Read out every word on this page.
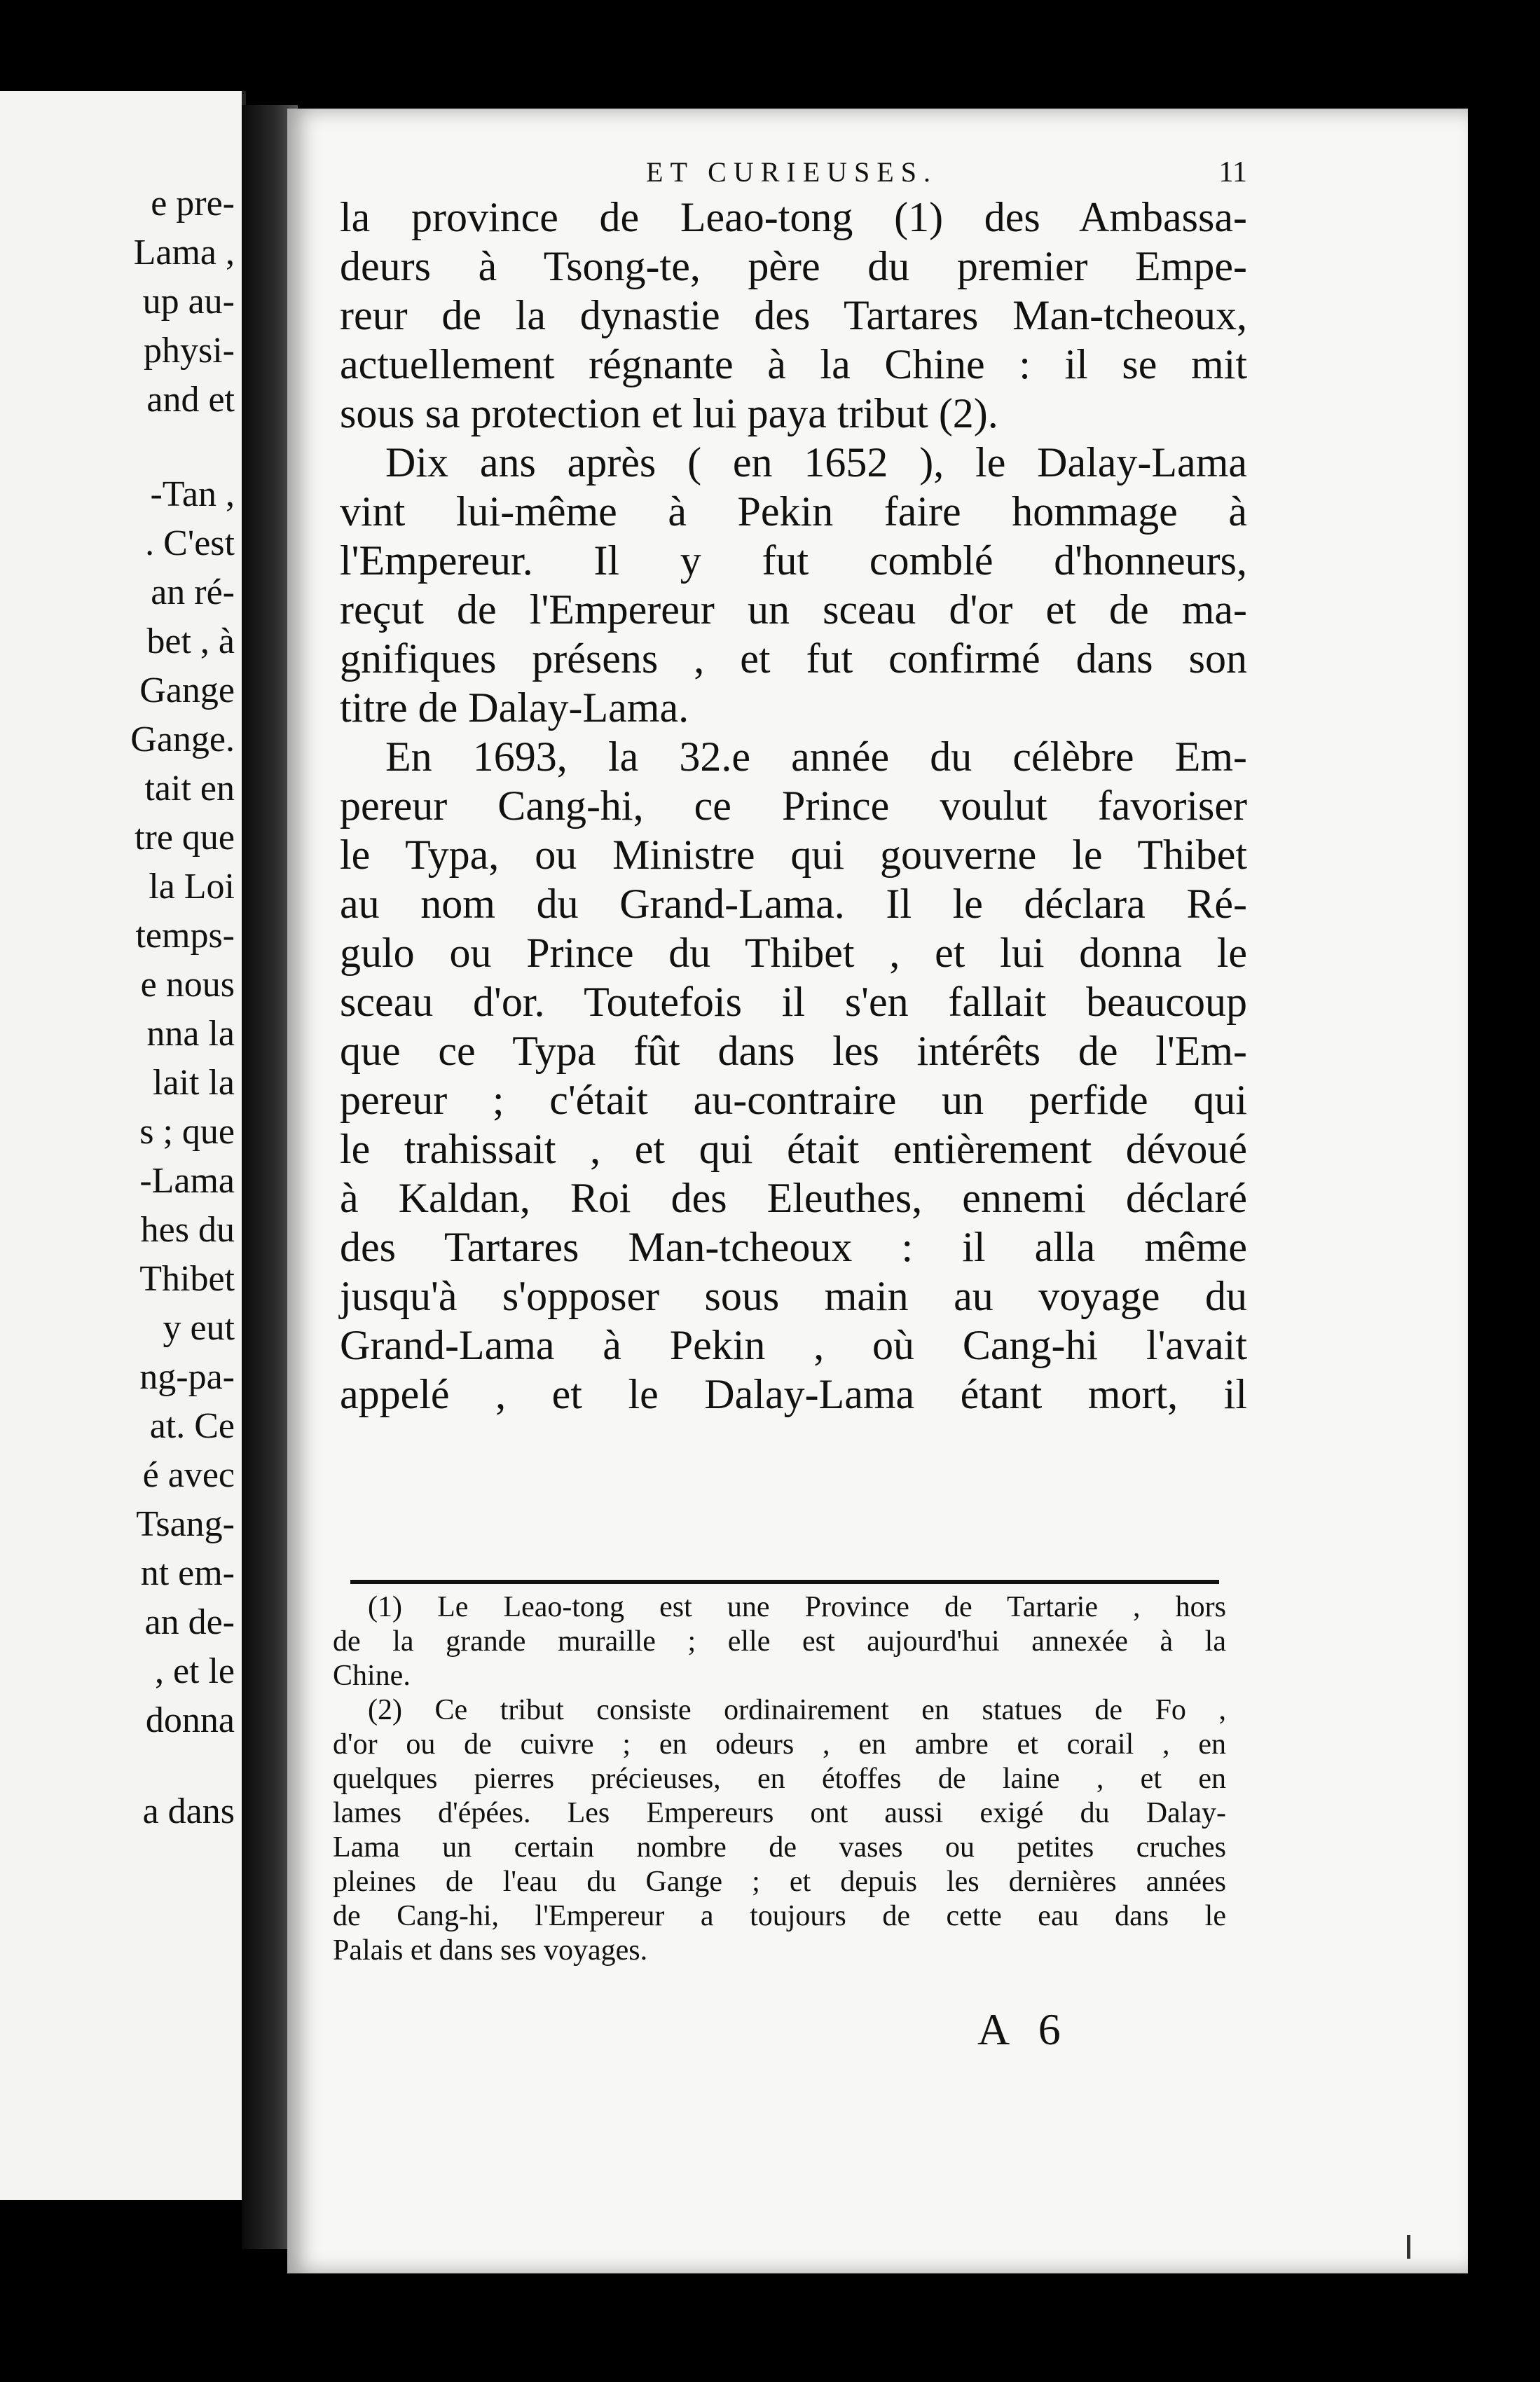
e pre-
Lama ,
up au-
physi-
and et
-Tan ,
. C'est
an ré-
bet , à
Gange
Gange.
tait en
tre que
la Loi
temps-
e nous
nna la
lait la
s ; que
-Lama
hes du
Thibet
y eut
ng-pa-
at. Ce
é avec
Tsang-
nt em-
an de-
, et le
donna
a dans
ET CURIEUSES.	11
la province de Leao-tong (1) des Ambassa-
deurs à Tsong-te, père du premier Empe-
reur de la dynastie des Tartares Man-tcheoux,
actuellement régnante à la Chine : il se mit
sous sa protection et lui paya tribut (2).
Dix ans après ( en 1652 ), le Dalay-Lama
vint lui-même à Pekin faire hommage à
l'Empereur. Il y fut comblé d'honneurs,
reçut de l'Empereur un sceau d'or et de ma-
gnifiques présens , et fut confirmé dans son
titre de Dalay-Lama.
En 1693, la 32.e année du célèbre Em-
pereur Cang-hi, ce Prince voulut favoriser
le Typa, ou Ministre qui gouverne le Thibet
au nom du Grand-Lama. Il le déclara Ré-
gulo ou Prince du Thibet , et lui donna le
sceau d'or. Toutefois il s'en fallait beaucoup
que ce Typa fût dans les intérêts de l'Em-
pereur ; c'était au-contraire un perfide qui
le trahissait , et qui était entièrement dévoué
à Kaldan, Roi des Eleuthes, ennemi déclaré
des Tartares Man-tcheoux : il alla même
jusqu'à s'opposer sous main au voyage du
Grand-Lama à Pekin , où Cang-hi l'avait
appelé , et le Dalay-Lama étant mort, il
(1) Le Leao-tong est une Province de Tartarie , hors
de la grande muraille ; elle est aujourd'hui annexée à la
Chine.
(2) Ce tribut consiste ordinairement en statues de Fo ,
d'or ou de cuivre ; en odeurs , en ambre et corail , en
quelques pierres précieuses, en étoffes de laine , et en
lames d'épées. Les Empereurs ont aussi exigé du Dalay-
Lama un certain nombre de vases ou petites cruches
pleines de l'eau du Gange ; et depuis les dernières années
de Cang-hi, l'Empereur a toujours de cette eau dans le
Palais et dans ses voyages.
A 6
